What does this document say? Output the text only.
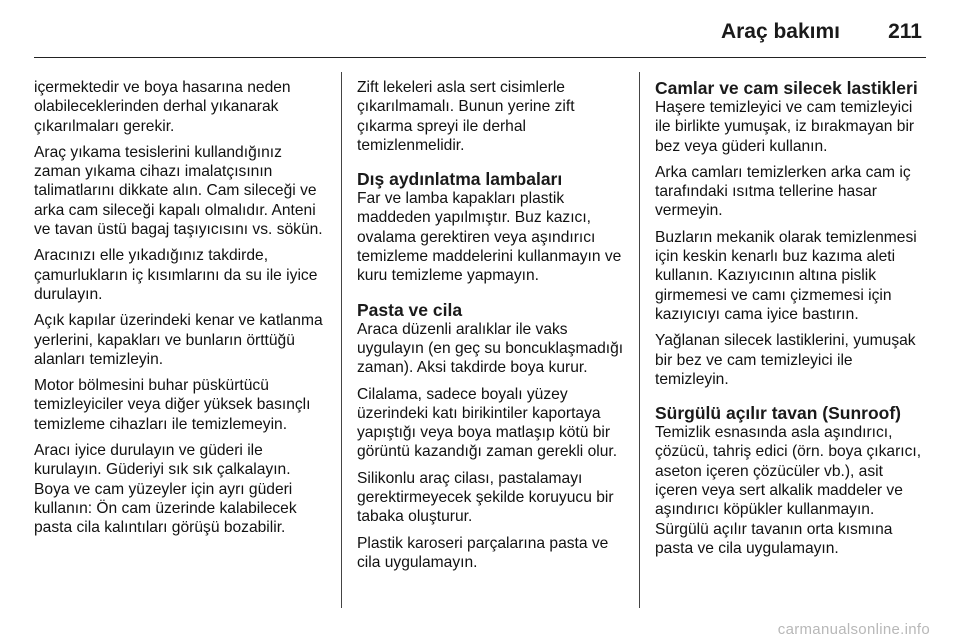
Araç bakımı 211

içermektedir ve boya hasarına neden olabileceklerinden derhal yıkanarak çıkarılmaları gerekir.

Araç yıkama tesislerini kullandığınız zaman yıkama cihazı imalatçısının talimatlarını dikkate alın. Cam sileceği ve arka cam sileceği kapalı olmalıdır. Anteni ve tavan üstü bagaj taşıyıcısını vs. sökün.

Aracınızı elle yıkadığınız takdirde, çamurlukların iç kısımlarını da su ile iyice durulayın.

Açık kapılar üzerindeki kenar ve katlanma yerlerini, kapakları ve bunların örttüğü alanları temizleyin.

Motor bölmesini buhar püskürtücü temizleyiciler veya diğer yüksek basınçlı temizleme cihazları ile temizlemeyin.

Aracı iyice durulayın ve güderi ile kurulayın. Güderiyi sık sık çalkalayın. Boya ve cam yüzeyler için ayrı güderi kullanın: Ön cam üzerinde kalabilecek pasta cila kalıntıları görüşü bozabilir.

Zift lekeleri asla sert cisimlerle çıkarılmamalı. Bunun yerine zift çıkarma spreyi ile derhal temizlenmelidir.

Dış aydınlatma lambaları

Far ve lamba kapakları plastik maddeden yapılmıştır. Buz kazıcı, ovalama gerektiren veya aşındırıcı temizleme maddelerini kullanmayın ve kuru temizleme yapmayın.

Pasta ve cila

Araca düzenli aralıklar ile vaks uygulayın (en geç su boncuklaşmadığı zaman). Aksi takdirde boya kurur.

Cilalama, sadece boyalı yüzey üzerindeki katı birikintiler kaportaya yapıştığı veya boya matlaşıp kötü bir görüntü kazandığı zaman gerekli olur.

Silikonlu araç cilası, pastalamayı gerektirmeyecek şekilde koruyucu bir tabaka oluşturur.

Plastik karoseri parçalarına pasta ve cila uygulamayın.

Camlar ve cam silecek lastikleri

Haşere temizleyici ve cam temizleyici ile birlikte yumuşak, iz bırakmayan bir bez veya güderi kullanın.

Arka camları temizlerken arka cam iç tarafındaki ısıtma tellerine hasar vermeyin.

Buzların mekanik olarak temizlenmesi için keskin kenarlı buz kazıma aleti kullanın. Kazıyıcının altına pislik girmemesi ve camı çizmemesi için kazıyıcıyı cama iyice bastırın.

Yağlanan silecek lastiklerini, yumuşak bir bez ve cam temizleyici ile temizleyin.

Sürgülü açılır tavan (Sunroof)

Temizlik esnasında asla aşındırıcı, çözücü, tahriş edici (örn. boya çıkarıcı, aseton içeren çözücüler vb.), asit içeren veya sert alkalik maddeler ve aşındırıcı köpükler kullanmayın. Sürgülü açılır tavanın orta kısmına pasta ve cila uygulamayın.

carmanualsonline.info
